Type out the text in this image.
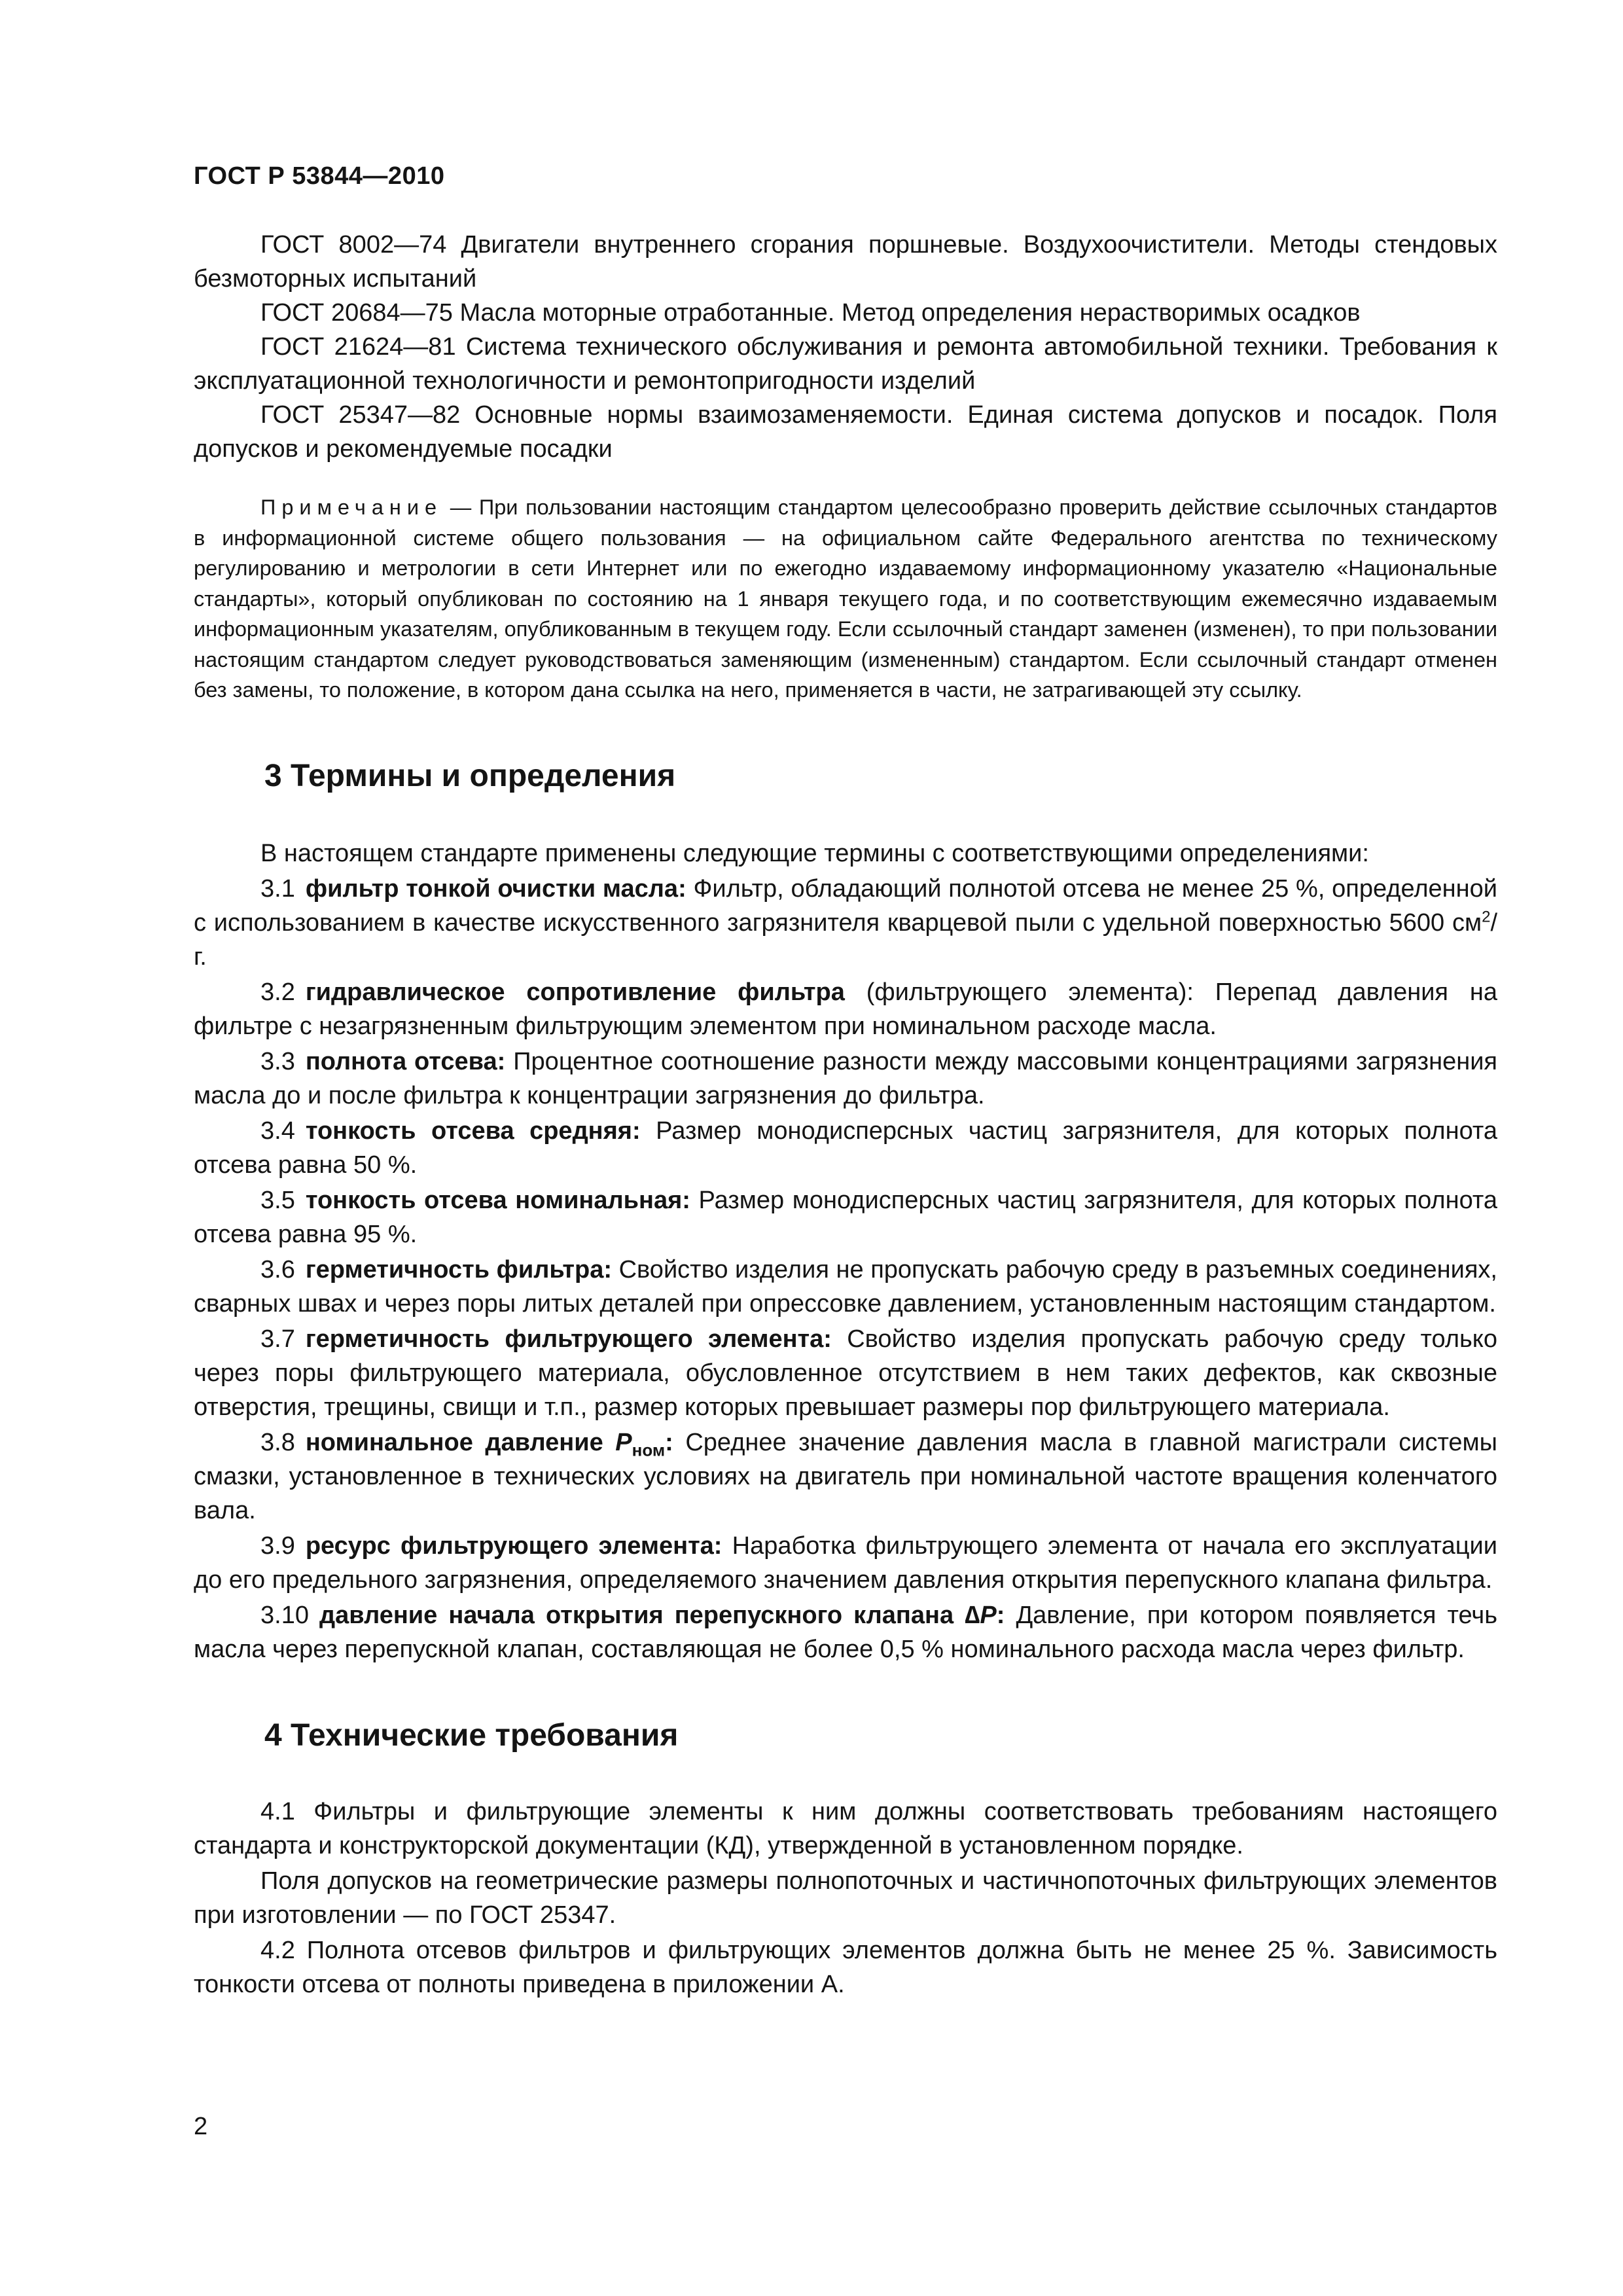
ГОСТ Р 53844—2010

ГОСТ 8002—74 Двигатели внутреннего сгорания поршневые. Воздухоочистители. Методы стендовых безмоторных испытаний

ГОСТ 20684—75 Масла моторные отработанные. Метод определения нерастворимых осадков

ГОСТ 21624—81 Система технического обслуживания и ремонта автомобильной техники. Требования к эксплуатационной технологичности и ремонтопригодности изделий

ГОСТ 25347—82 Основные нормы взаимозаменяемости. Единая система допусков и посадок. Поля допусков и рекомендуемые посадки

Примечание — При пользовании настоящим стандартом целесообразно проверить действие ссылочных стандартов в информационной системе общего пользования — на официальном сайте Федерального агентства по техническому регулированию и метрологии в сети Интернет или по ежегодно издаваемому информационному указателю «Национальные стандарты», который опубликован по состоянию на 1 января текущего года, и по соответствующим ежемесячно издаваемым информационным указателям, опубликованным в текущем году. Если ссылочный стандарт заменен (изменен), то при пользовании настоящим стандартом следует руководствоваться заменяющим (измененным) стандартом. Если ссылочный стандарт отменен без замены, то положение, в котором дана ссылка на него, применяется в части, не затрагивающей эту ссылку.

3 Термины и определения

В настоящем стандарте применены следующие термины с соответствующими определениями:

3.1 фильтр тонкой очистки масла: Фильтр, обладающий полнотой отсева не менее 25 %, определенной с использованием в качестве искусственного загрязнителя кварцевой пыли с удельной поверхностью 5600 $см^2/г$.

3.2 гидравлическое сопротивление фильтра (фильтрующего элемента): Перепад давления на фильтре с незагрязненным фильтрующим элементом при номинальном расходе масла.

3.3 полнота отсева: Процентное соотношение разности между массовыми концентрациями загрязнения масла до и после фильтра к концентрации загрязнения до фильтра.

3.4 тонкость отсева средняя: Размер монодисперсных частиц загрязнителя, для которых полнота отсева равна 50 %.

3.5 тонкость отсева номинальная: Размер монодисперсных частиц загрязнителя, для которых полнота отсева равна 95 %.

3.6 герметичность фильтра: Свойство изделия не пропускать рабочую среду в разъемных соединениях, сварных швах и через поры литых деталей при опрессовке давлением, установленным настоящим стандартом.

3.7 герметичность фильтрующего элемента: Свойство изделия пропускать рабочую среду только через поры фильтрующего материала, обусловленное отсутствием в нем таких дефектов, как сквозные отверстия, трещины, свищи и т.п., размер которых превышает размеры пор фильтрующего материала.

3.8 номинальное давление $P_{ном}$: Среднее значение давления масла в главной магистрали системы смазки, установленное в технических условиях на двигатель при номинальной частоте вращения коленчатого вала.

3.9 ресурс фильтрующего элемента: Наработка фильтрующего элемента от начала его эксплуатации до его предельного загрязнения, определяемого значением давления открытия перепускного клапана фильтра.

3.10 давление начала открытия перепускного клапана ∆P: Давление, при котором появляется течь масла через перепускной клапан, составляющая не более 0,5 % номинального расхода масла через фильтр.

4 Технические требования

4.1 Фильтры и фильтрующие элементы к ним должны соответствовать требованиям настоящего стандарта и конструкторской документации (КД), утвержденной в установленном порядке.

Поля допусков на геометрические размеры полнопоточных и частичнопоточных фильтрующих элементов при изготовлении — по ГОСТ 25347.

4.2 Полнота отсевов фильтров и фильтрующих элементов должна быть не менее 25 %. Зависимость тонкости отсева от полноты приведена в приложении А.

2
